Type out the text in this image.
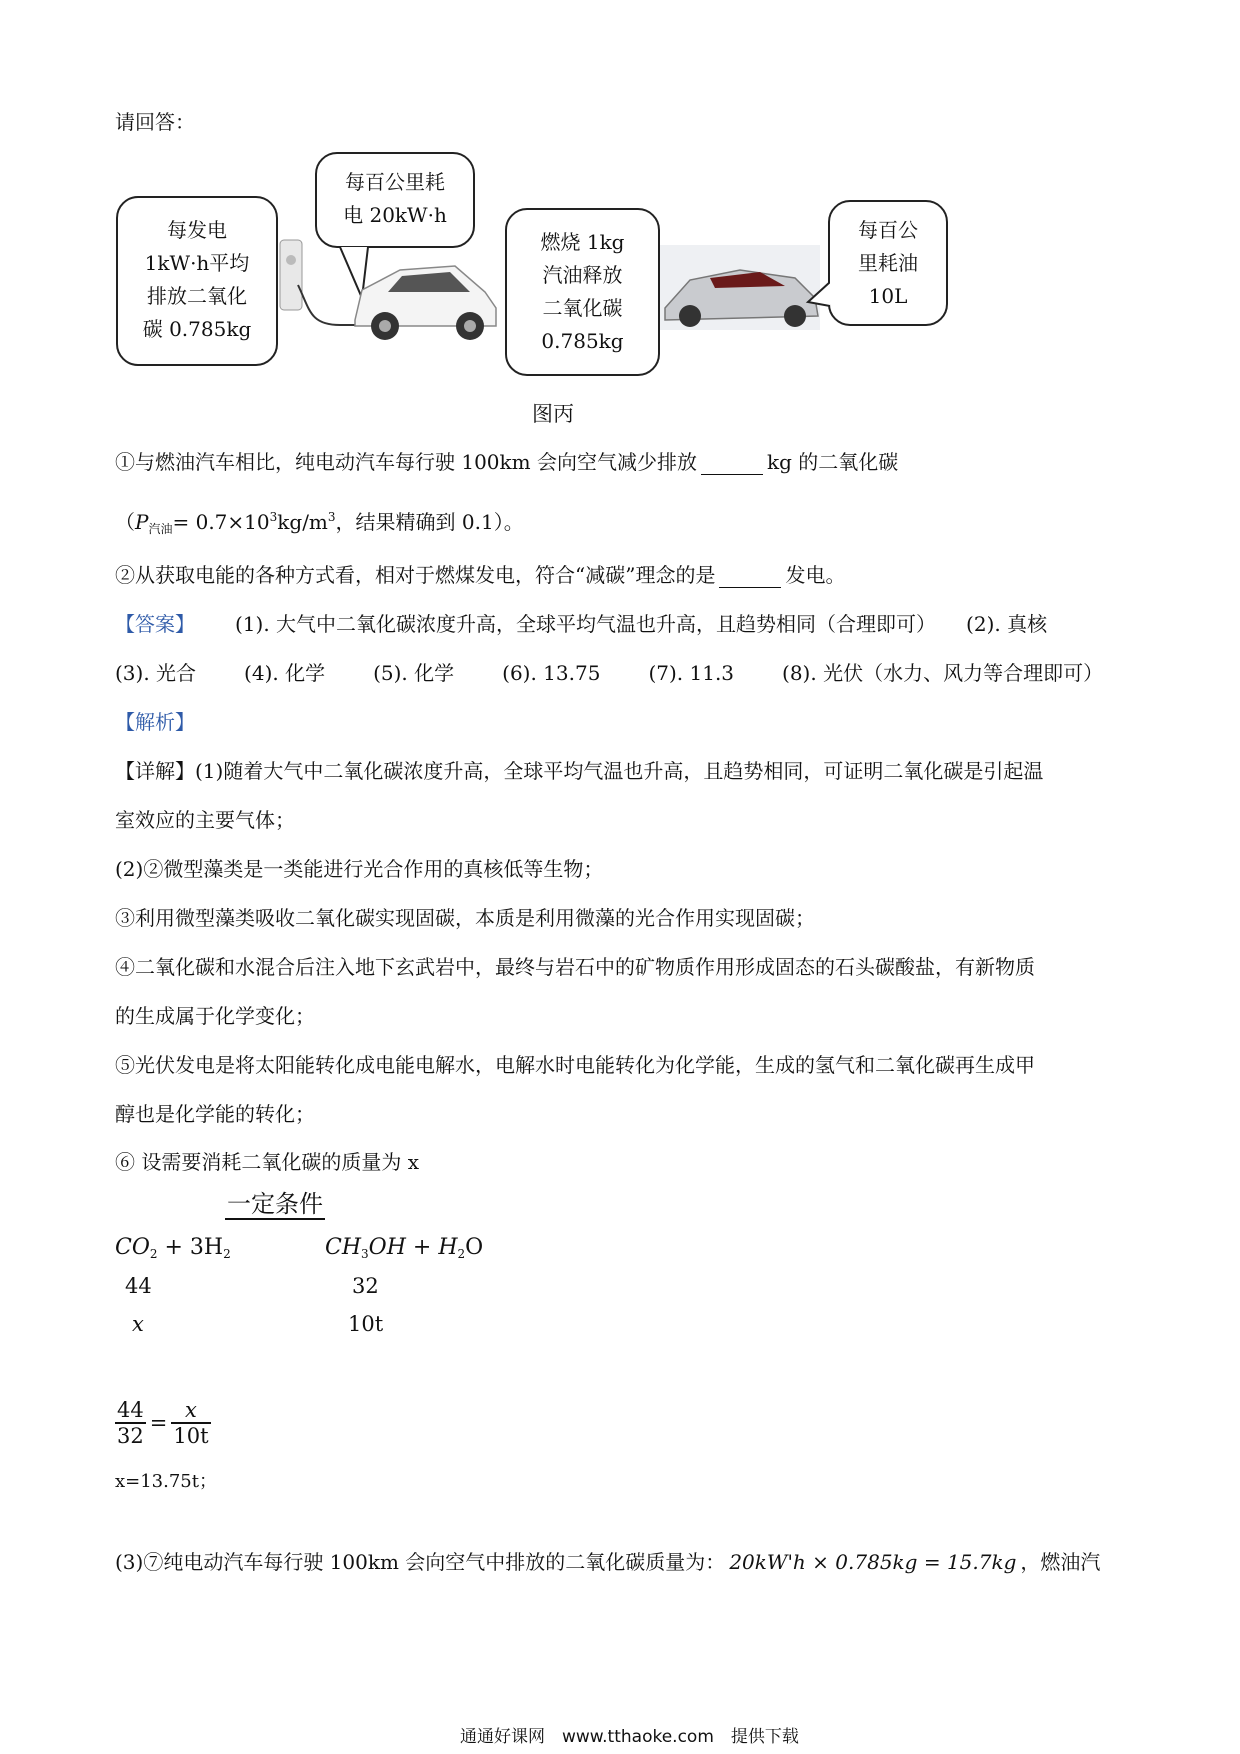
请回答：
每发电
1kW·h平均
排放二氧化
碳 0.785kg
每百公里耗
电 20kW·h
燃烧 1kg
汽油释放
二氧化碳
0.785kg
每百公
里耗油
10L
图丙
①与燃油汽车相比，纯电动汽车每行驶 100km 会向空气减少排放	kg 的二氧化碳
（$P_{汽油}= 0.7\times 10^3kg/m^3$，结果精确到 0.1）。
②从获取电能的各种方式看，相对于燃煤发电，符合“减碳”理念的是	发电。
【答案】 (1). 大气中二氧化碳浓度升高，全球平均气温也升高，且趋势相同（合理即可）　　(2). 真核
(3). 光合 (4). 化学 (5). 化学 (6). 13.75 (7). 11.3 (8). 光伏（水力、风力等合理即可）
【解析】
【详解】(1)随着大气中二氧化碳浓度升高，全球平均气温也升高，且趋势相同，可证明二氧化碳是引起温
室效应的主要气体；
(2)②微型藻类是一类能进行光合作用的真核低等生物；
③利用微型藻类吸收二氧化碳实现固碳，本质是利用微藻的光合作用实现固碳；
④二氧化碳和水混合后注入地下玄武岩中，最终与岩石中的矿物质作用形成固态的石头碳酸盐，有新物质
的生成属于化学变化；
⑤光伏发电是将太阳能转化成电能电解水，电解水时电能转化为化学能，生成的氢气和二氧化碳再生成甲
醇也是化学能的转化；
⑥ 设需要消耗二氧化碳的质量为 x
一定条件
$CO_2 + 3H_2$	$CH_3OH + H_2O$
44	32
x	10t
$\frac{44}{32} = \frac{x}{10t}$
x=13.75t；
(3)⑦纯电动汽车每行驶 100km 会向空气中排放的二氧化碳质量为： 20kW'h × 0.785kg = 15.7kg ，燃油汽
通通好课网　www.tthaoke.com　提供下载
